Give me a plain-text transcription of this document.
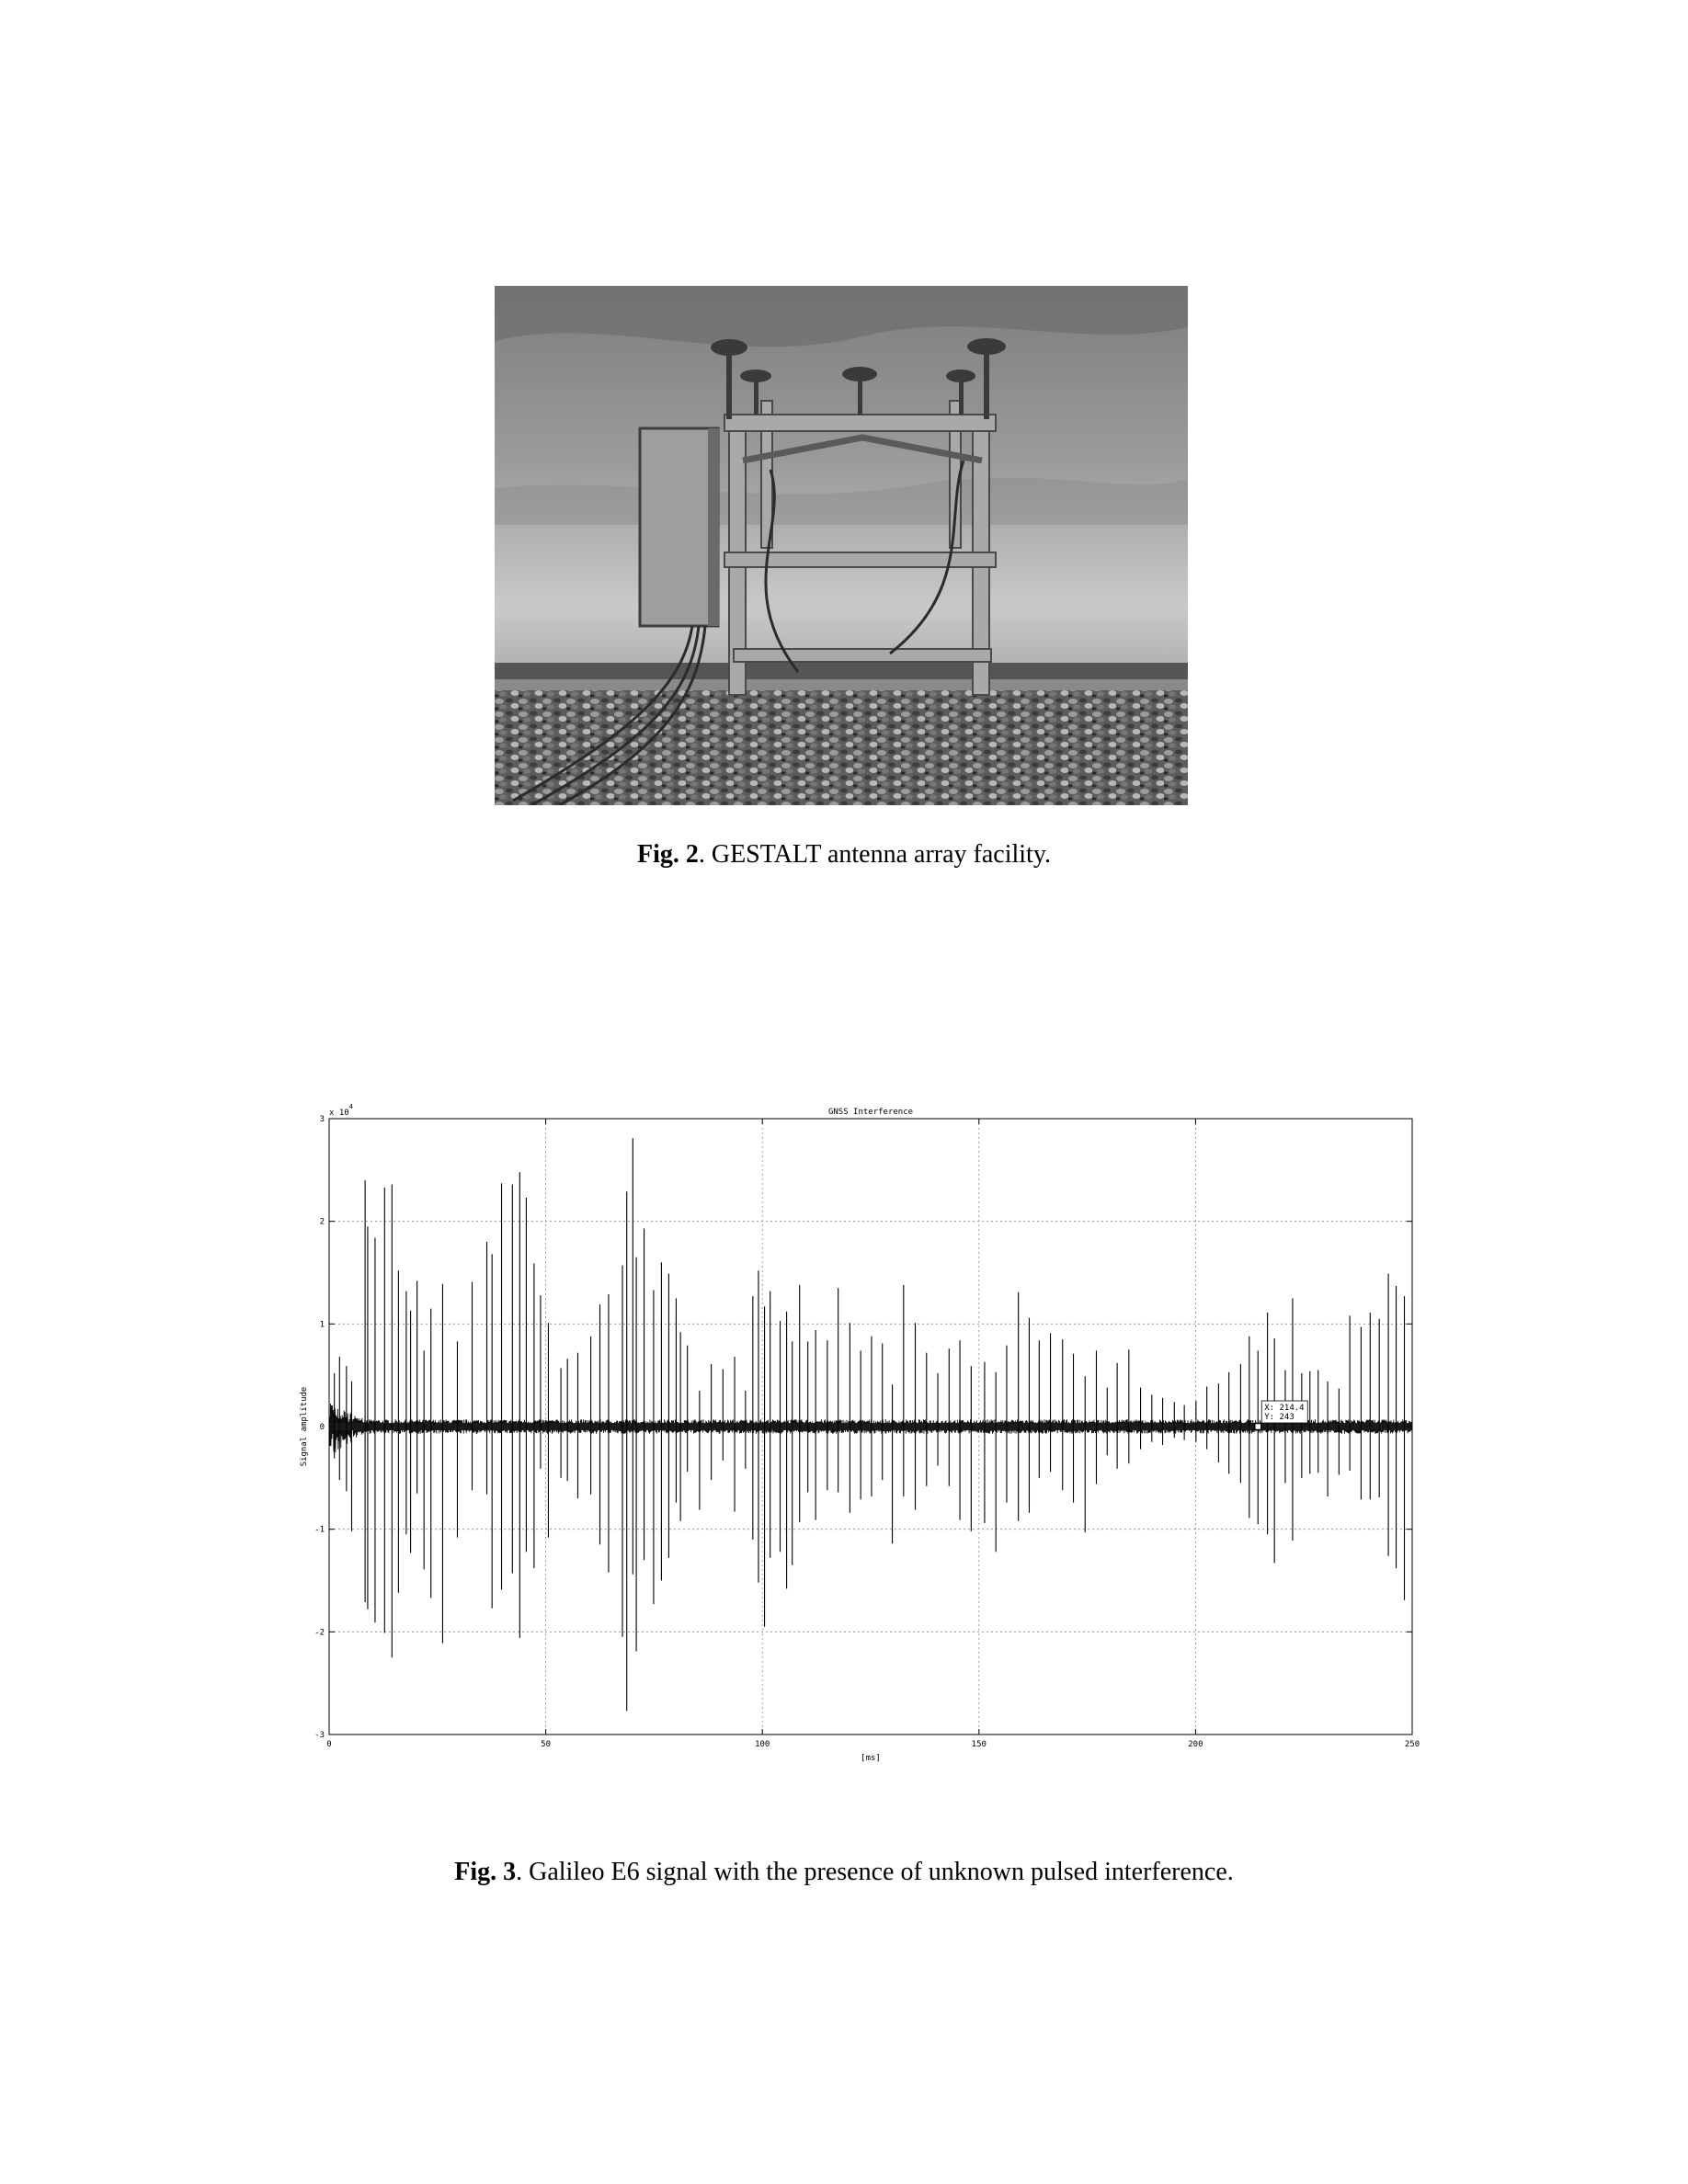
Fig. 2. GESTALT antenna array facility.
0	50	100	150	200	250
3
2
1
0
-1
-2
-3
GNSS Interference
[ms]
Signal amplitude
x $10^4$
X: 214.4
Y: 243
Fig. 3. Galileo E6 signal with the presence of unknown pulsed interference.
